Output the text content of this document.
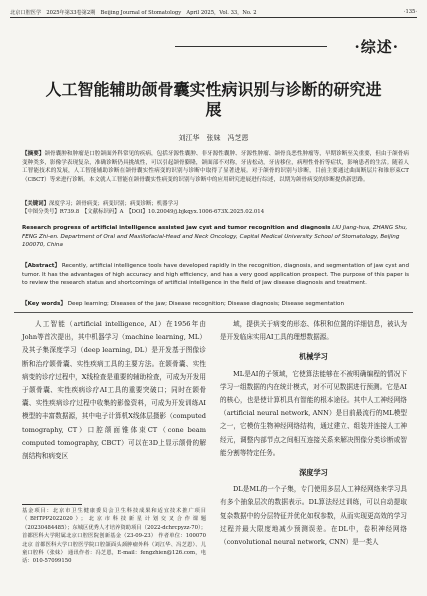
北京口腔医学　2025年第33卷第2期　Beijing Journal of Stomatology　April 2025，Vol. 33，No. 2	·135·
·综述·
人工智能辅助颌骨囊实性病识别与诊断的研究进展
刘江华　张妹　冯芝恩
【摘要】颌骨囊肿和肿瘤是口腔颌面外科常见的疾病，包括牙源性囊肿、非牙源性囊肿、牙源性肿瘤、颌骨良恶性肿瘤等，早期诊断至关重要，但由于颌骨病变种类多，影像学表现复杂，准确诊断仍具挑战性，可以引起颌骨膨隆，颌面部不对称，牙齿松动，牙齿移位，病理性骨折等症状，影响患者的生活。随着人工智能技术的发展，人工智能辅助诊断在颌骨囊实性病变的识别与诊断中取得了显著进展。对于颌骨的识别与诊断，目前主要通过曲面断层片和锥形束CT（CBCT）等来进行诊断。本文就人工智能在颌骨囊实性病变的识别与诊断中的应用研究进展进行综述，以期为颌骨病变的诊断提供新思路。
【关键词】深度学习；颌骨病变；病变识别；病变诊断；机器学习
【中图分类号】R739.8　【文献标识码】A　【DOI】10.20049/j.bjkqyx.1006-673X.2025.02.014
Research progress of artificial intelligence assisted jaw cyst and tumor recognition and diagnosis LIU Jiang-hua, ZHANG Shu, FENG Zhi-en. Department of Oral and Maxillofacial-Head and Neck Oncology, Capital Medical University School of Stomatology, Beijing 100070, China
【Abstract】 Recently, artificial intelligence tools have developed rapidly in the recognition, diagnosis, and segmentation of jaw cyst and tumor. It has the advantages of high accuracy and high efficiency, and has a very good application prospect. The purpose of this paper is to review the research status and shortcomings of artificial intelligence in the field of jaw disease diagnosis and treatment.
【Key words】 Deep learning; Diseases of the jaw; Disease recognition; Disease diagnosis; Disease segmentation

人工智能（artificial intelligence, AI）在1956年由John等首次提出，其中机器学习（machine learning, ML）及其子集深度学习（deep learning, DL）是开发基于图像诊断和治疗颌骨囊、实性疾病工具的主要方法。在颌骨囊、实性病变的诊疗过程中，X线检查是重要的辅助检查，可成为开发用于颌骨囊、实性疾病诊疗AI工具的重要突破口；同时在颌骨囊、实性疾病诊疗过程中收集的影像资料，可成为开发训练AI模型的丰富数据源，其中电子计算机X线体层摄影（computed tomography, CT）口腔颌面锥体束CT（cone beam computed tomography, CBCT）可以在3D上显示颌骨的解剖结构和病变区

域，提供关于病变的形态、体积和位置的详细信息，被认为是开发临床实用AI工具的理想数据源。

机械学习

ML是AI的子领域，它使算法能够在不被明确编程的情况下学习一组数据的内在统计模式，对不可见数据进行预测。它是AI的核心，也是使计算机具有智能的根本途径。其中人工神经网络（artificial neural network, ANN）是目前最流行的ML模型之一，它模仿生物神经网络结构，通过建立、组装并连接人工神经元，调整内部节点之间相互连接关系来解决图像分类诊断或智能分割等特定任务。

深度学习

DL是ML的一个子集，专门使用多层人工神经网络来学习具有多个抽象层次的数据表示。DL算法经过训练，可以自动提取复杂数据中的分层特征并优化如权参数，从而实现更高效的学习过程并最大限度地减少预测误差。在DL中，卷积神经网络（convolutional neural network, CNN）是一类人

基金项目：北京市卫生健康委员会卫生科技成果和适宜技术推广项目（BHTPP2022020）；北京市科技新星计划交叉合作课题（20230484485）；东城区优秀人才培养资助项目（2022-dchrcpyzz-70）；首都医科大学附属北京口腔医院创新基金（23-09-23） 作者单位：100070 北京 首都医科大学口腔医学院口腔颌面头颈肿瘤外科（刘江华、冯芝恩）、儿童口腔科（张妹） 通讯作者：冯芝恩，E-mail：fengzhien@126.com，电话：010-57099150
